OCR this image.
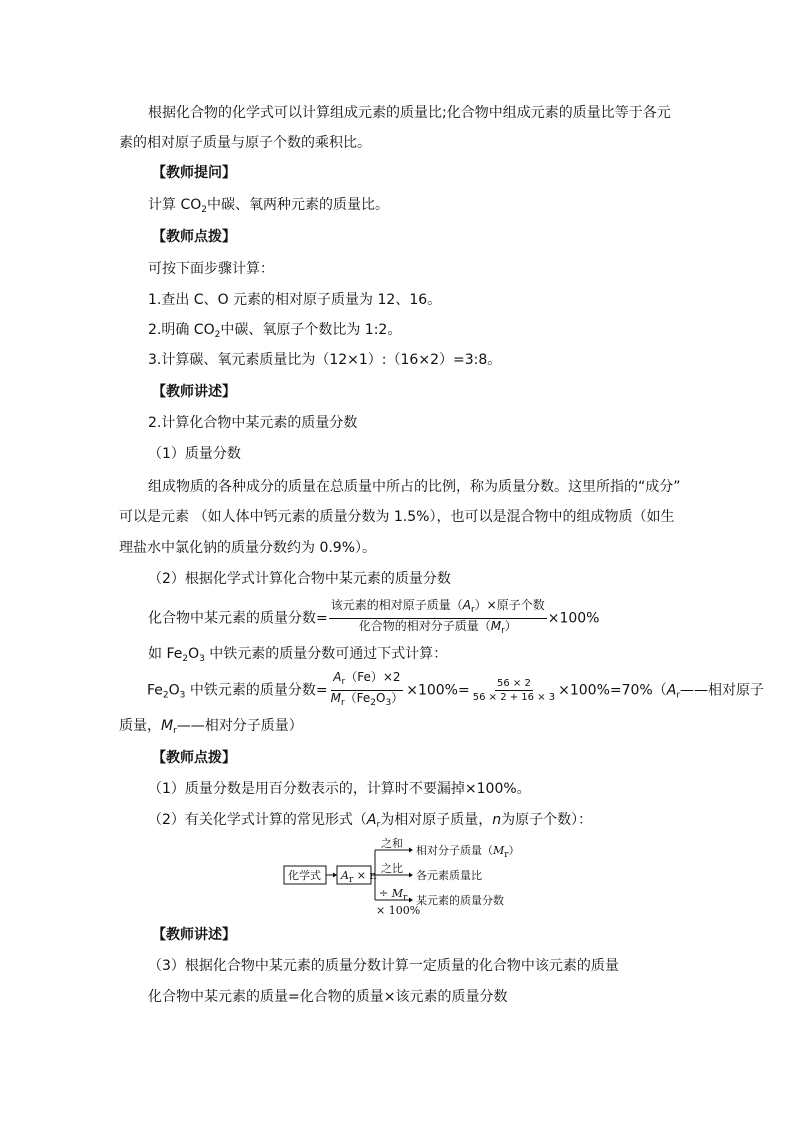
根据化合物的化学式可以计算组成元素的质量比;化合物中组成元素的质量比等于各元
素的相对原子质量与原子个数的乘积比。
【教师提问】
计算 $CO_2$中碳、氧两种元素的质量比。
【教师点拨】
可按下面步骤计算：
1.查出 C、O 元素的相对原子质量为 12、16。
2.明确 $CO_2$中碳、氧原子个数比为 1:2。
3.计算碳、氧元素质量比为（12×1）:（16×2）=3:8。
【教师讲述】
2.计算化合物中某元素的质量分数
（1）质量分数
组成物质的各种成分的质量在总质量中所占的比例，称为质量分数。这里所指的“成分”
可以是元素 （如人体中钙元素的质量分数为 1.5%），也可以是混合物中的组成物质（如生
理盐水中氯化钠的质量分数约为 0.9%）。
（2）根据化学式计算化合物中某元素的质量分数
化合物中某元素的质量分数= $\frac{该元素的相对原子质量(A_r)\times 原子个数}{化合物的相对分子质量(M_r)} \times 100\%$
如 $Fe_2O_3$ 中铁元素的质量分数可通过下式计算：
$Fe_2O_3$ 中铁元素的质量分数= $\frac{A_r(Fe)\times 2}{M_r(Fe_2O_3)} \times 100\%= \frac{56 \times 2}{56 \times 2 + 16 \times 3}$ $\times 100\%=70\%(A_r——$相对原子
质量，$M_r——$相对分子质量）
【教师点拨】
（1）质量分数是用百分数表示的，计算时不要漏掉×100%。
（2）有关化学式计算的常见形式（$A_r$为相对原子质量，n为原子个数）：
化学式 $A_r \times n$
之和
相对分子质量$(M_r)$
之比
各元素质量比
÷ $M_r$
× 100%
某元素的质量分数
【教师讲述】
（3）根据化合物中某元素的质量分数计算一定质量的化合物中该元素的质量
化合物中某元素的质量=化合物的质量×该元素的质量分数
